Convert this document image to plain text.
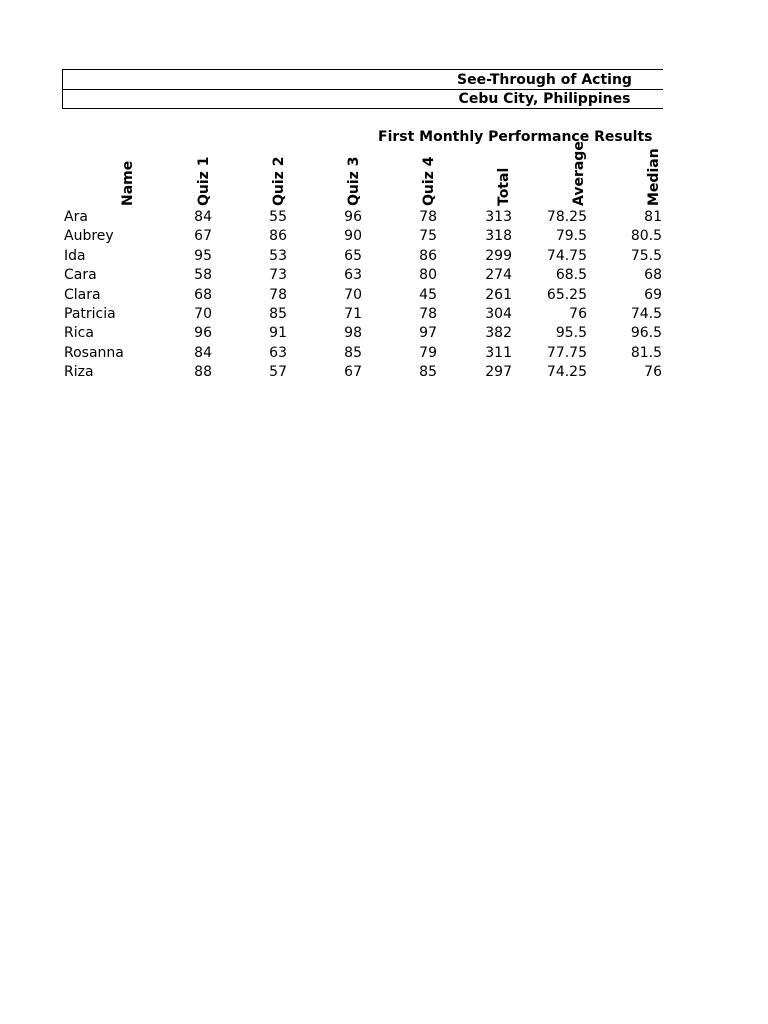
See-Through of Acting
Cebu City, Philippines
First Monthly Performance Results
Name	Quiz 1	Quiz 2	Quiz 3	Quiz 4	Total	Average	Median
Ara	84	55	96	78	313	78.25	81
Aubrey	67	86	90	75	318	79.5	80.5
Ida	95	53	65	86	299	74.75	75.5
Cara	58	73	63	80	274	68.5	68
Clara	68	78	70	45	261	65.25	69
Patricia	70	85	71	78	304	76	74.5
Rica	96	91	98	97	382	95.5	96.5
Rosanna	84	63	85	79	311	77.75	81.5
Riza	88	57	67	85	297	74.25	76
